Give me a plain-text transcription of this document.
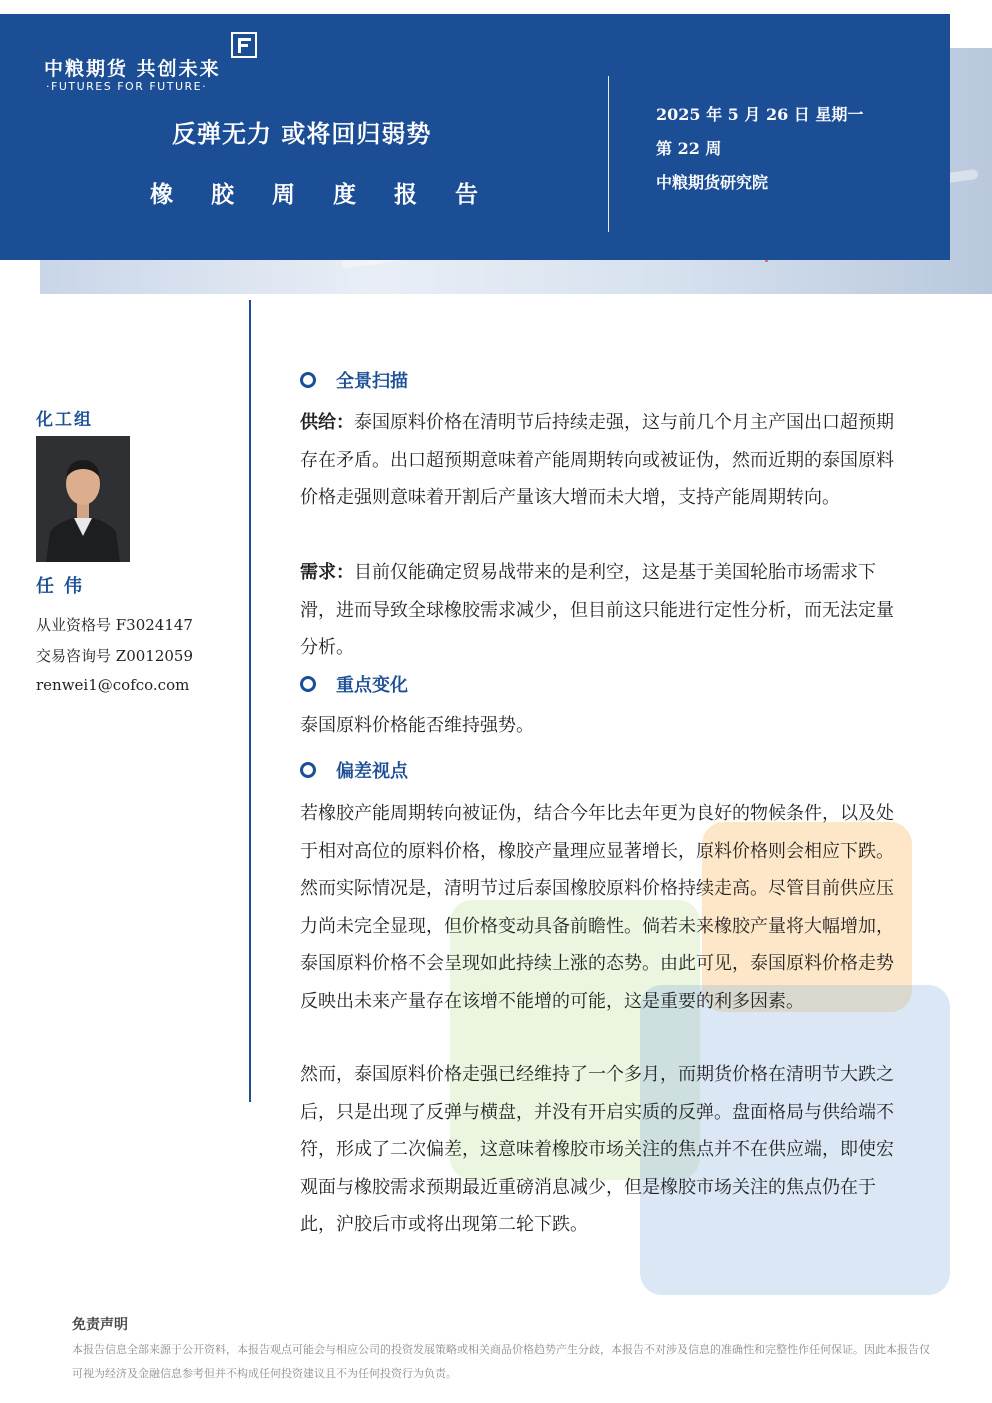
中粮期货 共创未来
·FUTURES FOR FUTURE·
反弹无力 或将回归弱势
橡胶周度报告
2025 年 5 月 26 日 星期一
第 22 周
中粮期货研究院
化工组
任伟
从业资格号 F3024147
交易咨询号 Z0012059
renwei1@cofco.com
全景扫描

供给：泰国原料价格在清明节后持续走强，这与前几个月主产国出口超预期存在矛盾。出口超预期意味着产能周期转向或被证伪，然而近期的泰国原料价格走强则意味着开割后产量该大增而未大增，支持产能周期转向。

需求：目前仅能确定贸易战带来的是利空，这是基于美国轮胎市场需求下滑，进而导致全球橡胶需求减少，但目前这只能进行定性分析，而无法定量分析。

重点变化

泰国原料价格能否维持强势。

偏差视点

若橡胶产能周期转向被证伪，结合今年比去年更为良好的物候条件，以及处于相对高位的原料价格，橡胶产量理应显著增长，原料价格则会相应下跌。然而实际情况是，清明节过后泰国橡胶原料价格持续走高。尽管目前供应压力尚未完全显现，但价格变动具备前瞻性。倘若未来橡胶产量将大幅增加，泰国原料价格不会呈现如此持续上涨的态势。由此可见，泰国原料价格走势反映出未来产量存在该增不能增的可能，这是重要的利多因素。

然而，泰国原料价格走强已经维持了一个多月，而期货价格在清明节大跌之后，只是出现了反弹与横盘，并没有开启实质的反弹。盘面格局与供给端不符，形成了二次偏差，这意味着橡胶市场关注的焦点并不在供应端，即使宏观面与橡胶需求预期最近重磅消息减少，但是橡胶市场关注的焦点仍在于此，沪胶后市或将出现第二轮下跌。

免责声明

本报告信息全部来源于公开资料，本报告观点可能会与相应公司的投资发展策略或相关商品价格趋势产生分歧，本报告不对涉及信息的准确性和完整性作任何保证。因此本报告仅可视为经济及金融信息参考但并不构成任何投资建议且不为任何投资行为负责。
